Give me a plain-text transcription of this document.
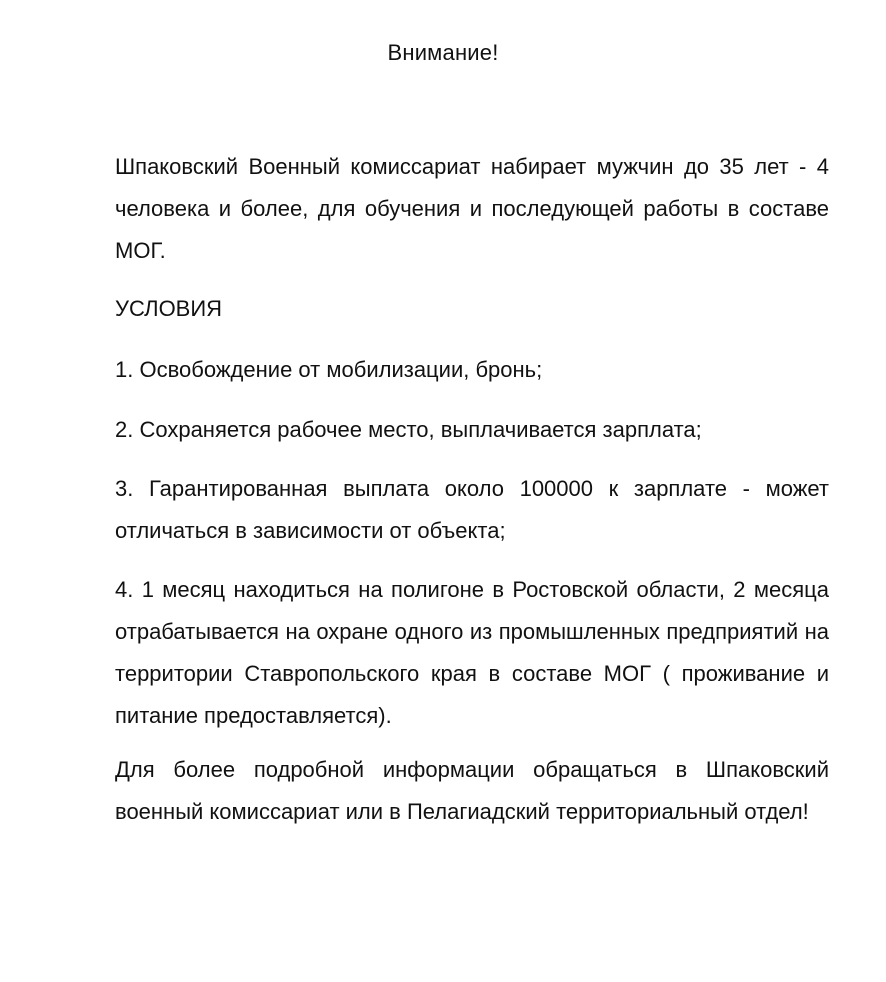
Внимание!

Шпаковский Военный комиссариат набирает мужчин до 35 лет - 4 человека и более, для обучения и последующей работы в составе МОГ.

УСЛОВИЯ

1. Освобождение от мобилизации, бронь;

2. Сохраняется рабочее место, выплачивается зарплата;

3. Гарантированная выплата около 100000 к зарплате - может отличаться в зависимости от объекта;

4. 1 месяц находиться на полигоне в Ростовской области, 2 месяца отрабатывается на охране одного из промышленных предприятий на территории Ставропольского края в составе МОГ ( проживание и питание предоставляется).

Для более подробной информации обращаться в Шпаковский военный комиссариат или в Пелагиадский территориальный отдел!
